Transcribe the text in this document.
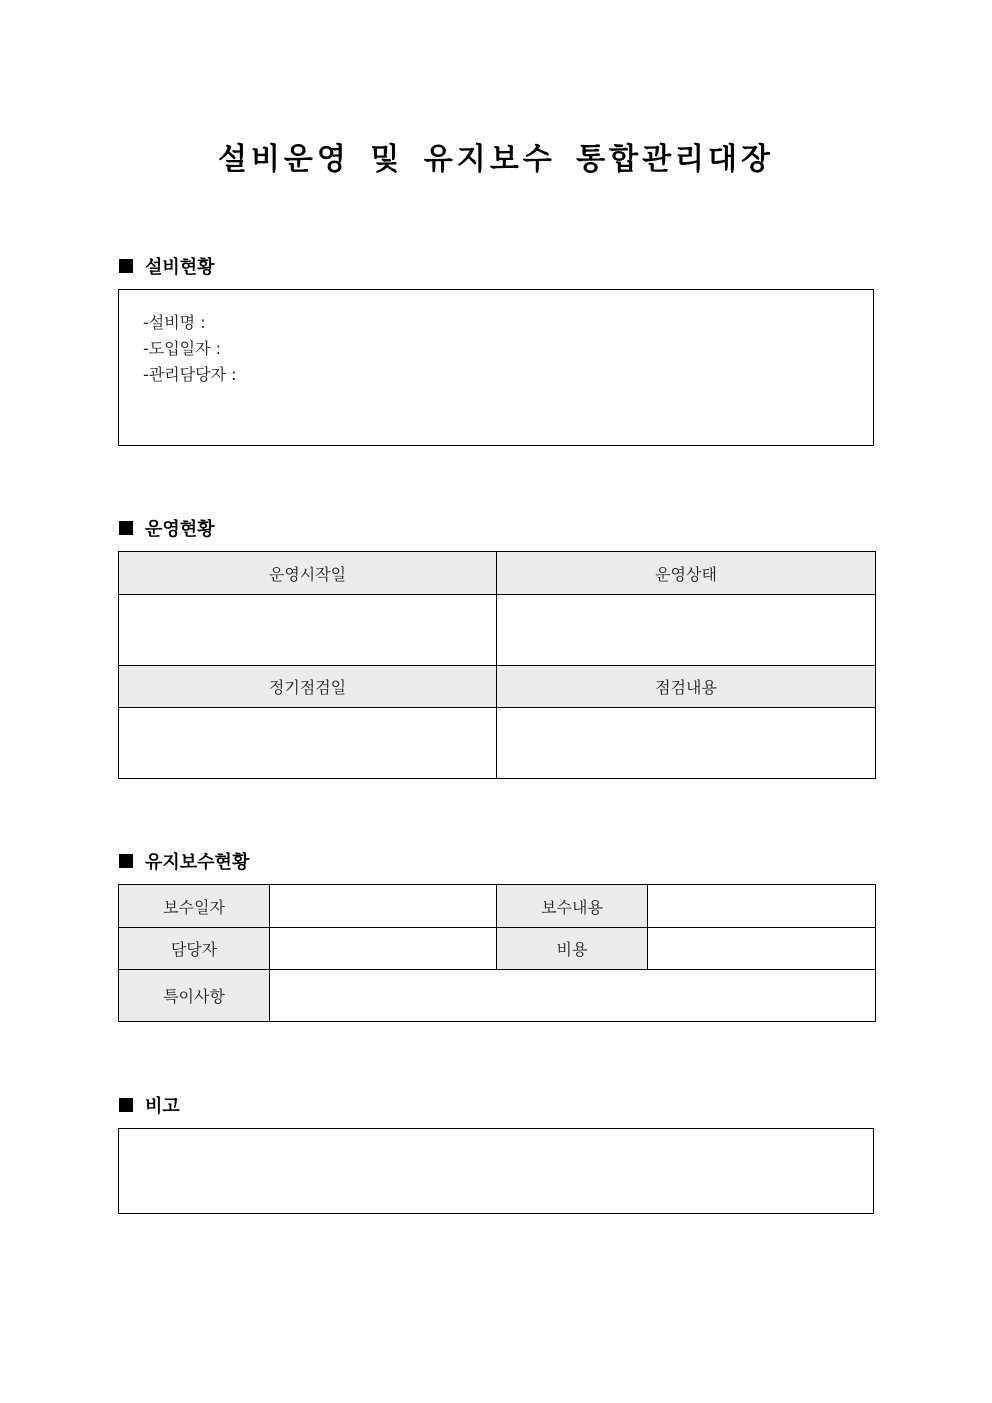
설비운영 및 유지보수 통합관리대장
설비현황
-설비명 :
-도입일자 :
-관리담당자 :
운영현황
운영시작일	운영상태

정기점검일	점검내용

유지보수현황
보수일자		보수내용	
담당자		비용	
특이사항			
비고
